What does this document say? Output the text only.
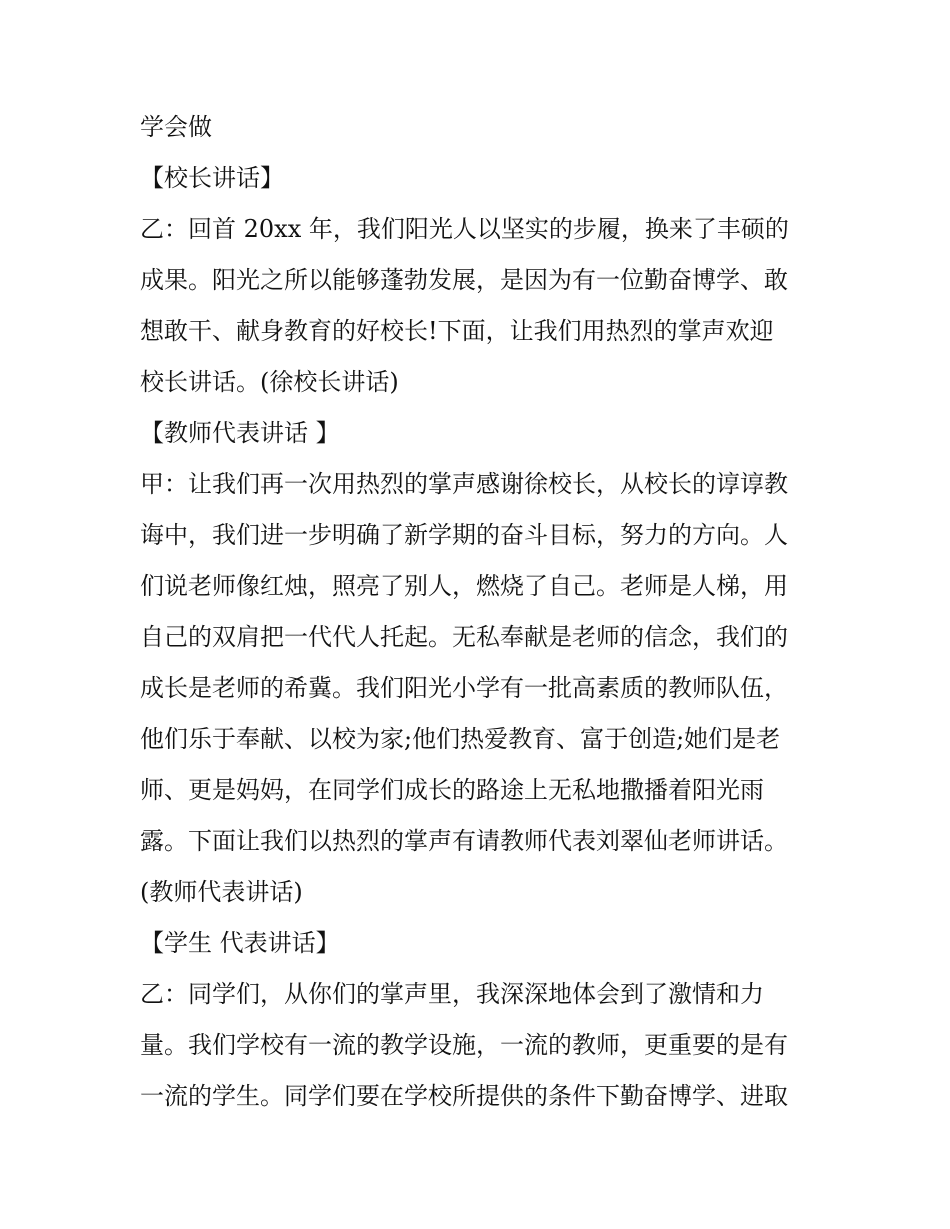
学会做

【校长讲话】

乙：回首 20xx 年，我们阳光人以坚实的步履，换来了丰硕的

成果。阳光之所以能够蓬勃发展，是因为有一位勤奋博学、敢

想敢干、献身教育的好校长!下面，让我们用热烈的掌声欢迎

校长讲话。(徐校长讲话)

【教师代表讲话 】

甲：让我们再一次用热烈的掌声感谢徐校长，从校长的谆谆教

诲中，我们进一步明确了新学期的奋斗目标，努力的方向。人

们说老师像红烛，照亮了别人，燃烧了自己。老师是人梯，用

自己的双肩把一代代人托起。无私奉献是老师的信念，我们的

成长是老师的希冀。我们阳光小学有一批高素质的教师队伍，

他们乐于奉献、以校为家;他们热爱教育、富于创造;她们是老

师、更是妈妈，在同学们成长的路途上无私地撒播着阳光雨

露。下面让我们以热烈的掌声有请教师代表刘翠仙老师讲话。

(教师代表讲话)

【学生 代表讲话】

乙：同学们，从你们的掌声里，我深深地体会到了激情和力

量。我们学校有一流的教学设施，一流的教师，更重要的是有

一流的学生。同学们要在学校所提供的条件下勤奋博学、进取
